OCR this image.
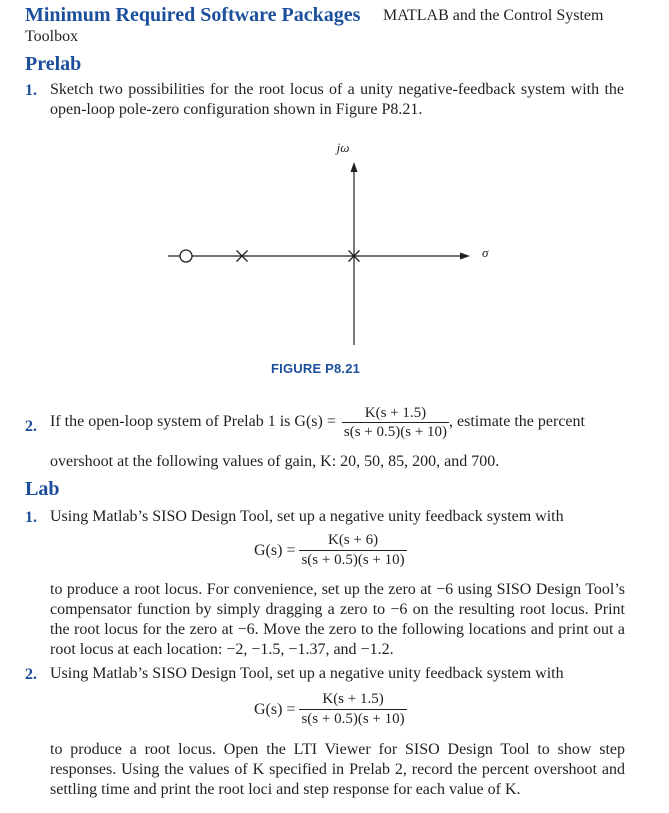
Minimum Required Software Packages MATLAB and the Control System
Toolbox
Prelab
1. Sketch two possibilities for the root locus of a unity negative-feedback system with the open-loop pole-zero configuration shown in Figure P8.21.
jω
σ
FIGURE P8.21
2. If the open-loop system of Prelab 1 is $G(s) = \frac{K(s + 1.5)}{s(s + 0.5)(s + 10)}$ , estimate the percent
overshoot at the following values of gain, K: 20, 50, 85, 200, and 700.
Lab
1. Using Matlab’s SISO Design Tool, set up a negative unity feedback system with
$G(s) = \frac{K(s + 6)}{s(s + 0.5)(s + 10)}$
to produce a root locus. For convenience, set up the zero at −6 using SISO Design Tool’s compensator function by simply dragging a zero to −6 on the resulting root locus. Print the root locus for the zero at −6. Move the zero to the following locations and print out a root locus at each location: −2, −1.5, −1.37, and −1.2.
2. Using Matlab’s SISO Design Tool, set up a negative unity feedback system with
$G(s) = \frac{K(s + 1.5)}{s(s + 0.5)(s + 10)}$
to produce a root locus. Open the LTI Viewer for SISO Design Tool to show step responses. Using the values of K specified in Prelab 2, record the percent overshoot and settling time and print the root loci and step response for each value of K.
